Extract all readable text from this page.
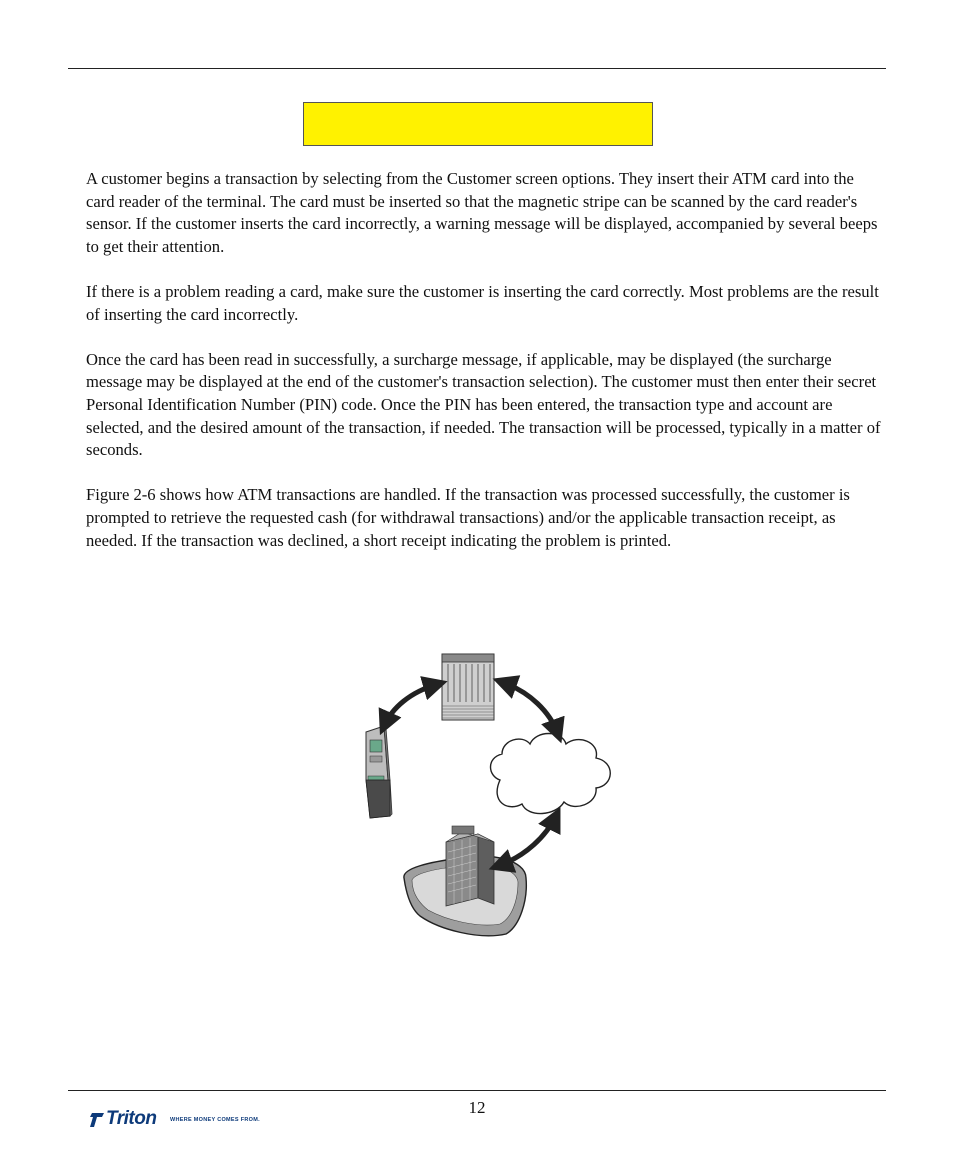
A customer begins a transaction by selecting from the Customer screen options. They insert their ATM card into the card reader of the terminal. The card must be inserted so that the magnetic stripe can be scanned by the card reader's sensor. If the customer inserts the card incorrectly, a warning message will be displayed, accompanied by several beeps to get their attention.

If there is a problem reading a card, make sure the customer is inserting the card correctly. Most problems are the result of inserting the card incorrectly.

Once the card has been read in successfully, a surcharge message, if applicable, may be displayed (the surcharge message may be displayed at the end of the customer's transaction selection). The customer must then enter their secret Personal Identification Number (PIN) code. Once the PIN has been entered, the transaction type and account are selected, and the desired amount of the transaction, if needed. The transaction will be processed, typically in a matter of seconds.

Figure 2-6 shows how ATM transactions are handled. If the transaction was processed successfully, the customer is prompted to retrieve the requested cash (for withdrawal transactions) and/or the applicable transaction receipt, as needed. If the transaction was declined, a short receipt indicating the problem is printed.

12
Triton WHERE MONEY COMES FROM.
